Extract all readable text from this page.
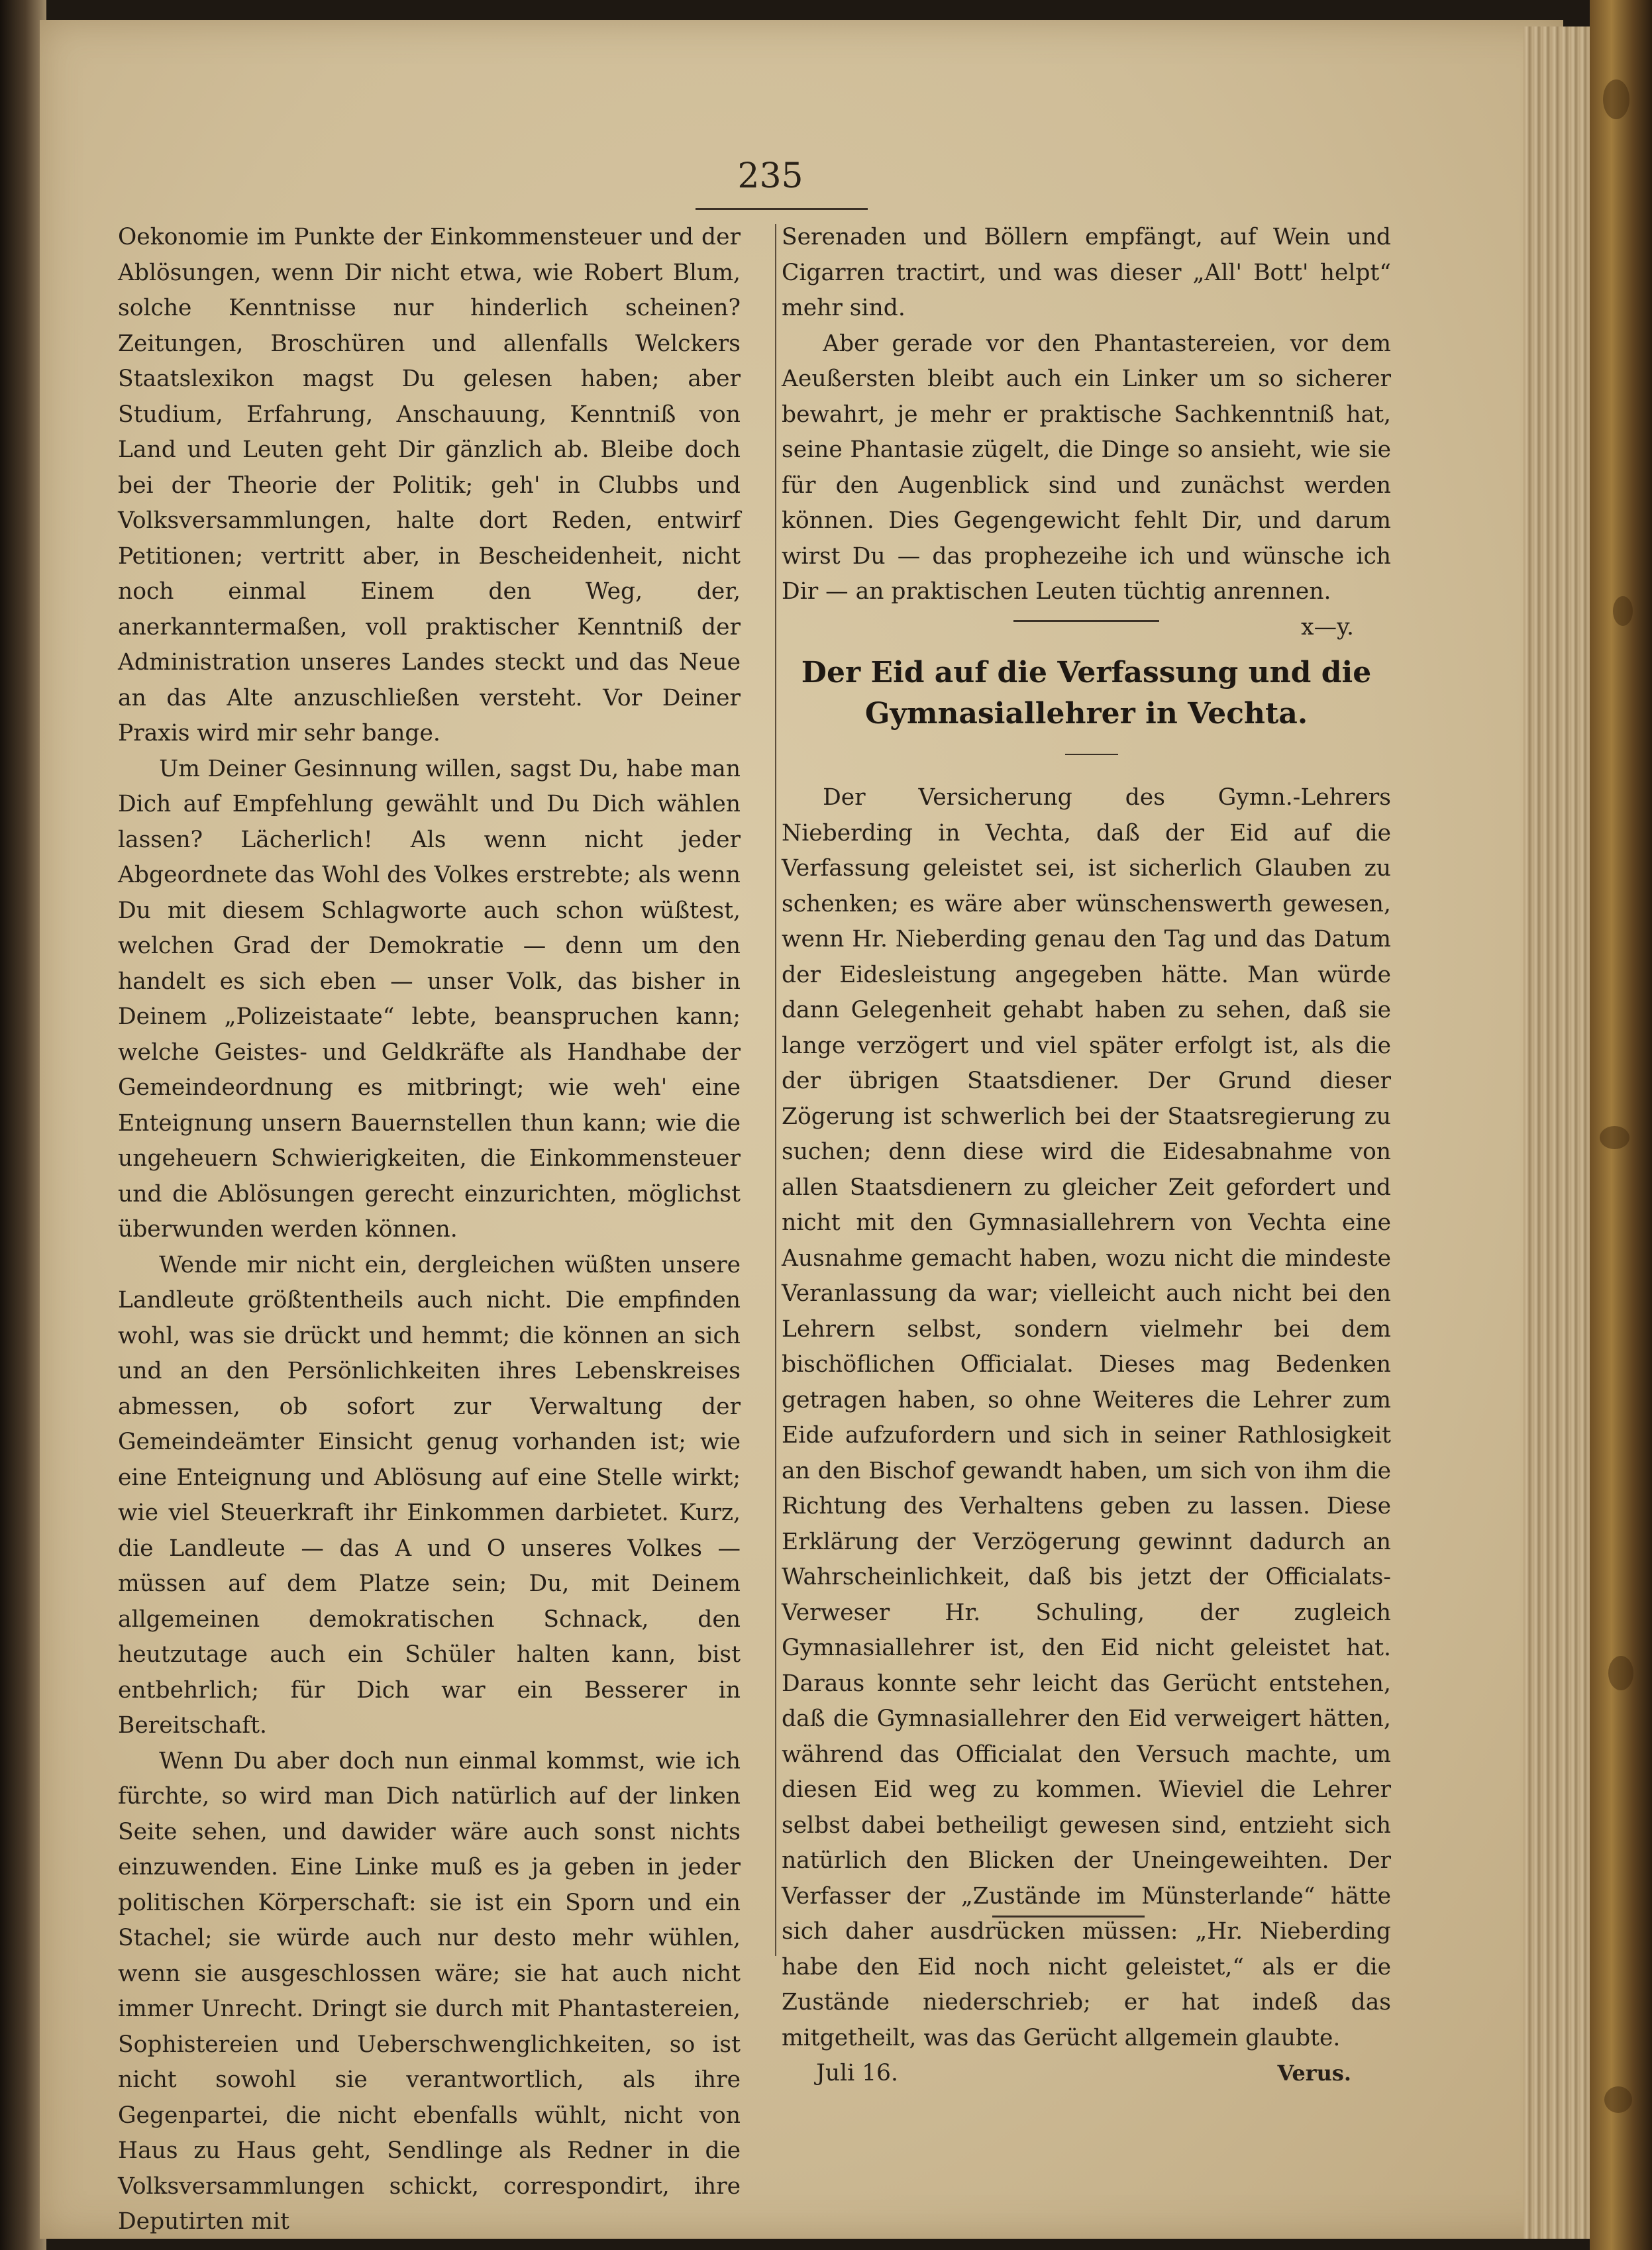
235

Oekonomie im Punkte der Einkommensteuer und der Ablösungen, wenn Dir nicht etwa, wie Robert Blum, solche Kenntnisse nur hinderlich scheinen? Zeitungen, Broschüren und allenfalls Welckers Staatslexikon magst Du gelesen haben; aber Studium, Erfahrung, Anschauung, Kenntniß von Land und Leuten geht Dir gänzlich ab. Bleibe doch bei der Theorie der Politik; geh' in Clubbs und Volksversammlungen, halte dort Reden, entwirf Petitionen; vertritt aber, in Bescheidenheit, nicht noch einmal Einem den Weg, der, anerkanntermaßen, voll praktischer Kenntniß der Administration unseres Landes steckt und das Neue an das Alte anzuschließen versteht. Vor Deiner Praxis wird mir sehr bange.

Um Deiner Gesinnung willen, sagst Du, habe man Dich auf Empfehlung gewählt und Du Dich wählen lassen? Lächerlich! Als wenn nicht jeder Abgeordnete das Wohl des Volkes erstrebte; als wenn Du mit diesem Schlagworte auch schon wüßtest, welchen Grad der Demokratie — denn um den handelt es sich eben — unser Volk, das bisher in Deinem „Polizeistaate“ lebte, beanspruchen kann; welche Geistes- und Geldkräfte als Handhabe der Gemeindeordnung es mitbringt; wie weh' eine Enteignung unsern Bauernstellen thun kann; wie die ungeheuern Schwierigkeiten, die Einkommensteuer und die Ablösungen gerecht einzurichten, möglichst überwunden werden können.

Wende mir nicht ein, dergleichen wüßten unsere Landleute größtentheils auch nicht. Die empfinden wohl, was sie drückt und hemmt; die können an sich und an den Persönlichkeiten ihres Lebenskreises abmessen, ob sofort zur Verwaltung der Gemeindeämter Einsicht genug vorhanden ist; wie eine Enteignung und Ablösung auf eine Stelle wirkt; wie viel Steuerkraft ihr Einkommen darbietet. Kurz, die Landleute — das A und O unseres Volkes — müssen auf dem Platze sein; Du, mit Deinem allgemeinen demokratischen Schnack, den heutzutage auch ein Schüler halten kann, bist entbehrlich; für Dich war ein Besserer in Bereitschaft.

Wenn Du aber doch nun einmal kommst, wie ich fürchte, so wird man Dich natürlich auf der linken Seite sehen, und dawider wäre auch sonst nichts einzuwenden. Eine Linke muß es ja geben in jeder politischen Körperschaft: sie ist ein Sporn und ein Stachel; sie würde auch nur desto mehr wühlen, wenn sie ausgeschlossen wäre; sie hat auch nicht immer Unrecht. Dringt sie durch mit Phantastereien, Sophistereien und Ueberschwenglichkeiten, so ist nicht sowohl sie verantwortlich, als ihre Gegenpartei, die nicht ebenfalls wühlt, nicht von Haus zu Haus geht, Sendlinge als Redner in die Volksversammlungen schickt, correspondirt, ihre Deputirten mit

Serenaden und Böllern empfängt, auf Wein und Cigarren tractirt, und was dieser „All' Bott' helpt“ mehr sind.

Aber gerade vor den Phantastereien, vor dem Aeußersten bleibt auch ein Linker um so sicherer bewahrt, je mehr er praktische Sachkenntniß hat, seine Phantasie zügelt, die Dinge so ansieht, wie sie für den Augenblick sind und zunächst werden können. Dies Gegengewicht fehlt Dir, und darum wirst Du — das prophezeihe ich und wünsche ich Dir — an praktischen Leuten tüchtig anrennen.

x—y.

Der Eid auf die Verfassung und die Gymnasiallehrer in Vechta.

Der Versicherung des Gymn.-Lehrers Nieberding in Vechta, daß der Eid auf die Verfassung geleistet sei, ist sicherlich Glauben zu schenken; es wäre aber wünschenswerth gewesen, wenn Hr. Nieberding genau den Tag und das Datum der Eidesleistung angegeben hätte. Man würde dann Gelegenheit gehabt haben zu sehen, daß sie lange verzögert und viel später erfolgt ist, als die der übrigen Staatsdiener. Der Grund dieser Zögerung ist schwerlich bei der Staatsregierung zu suchen; denn diese wird die Eidesabnahme von allen Staatsdienern zu gleicher Zeit gefordert und nicht mit den Gymnasiallehrern von Vechta eine Ausnahme gemacht haben, wozu nicht die mindeste Veranlassung da war; vielleicht auch nicht bei den Lehrern selbst, sondern vielmehr bei dem bischöflichen Officialat. Dieses mag Bedenken getragen haben, so ohne Weiteres die Lehrer zum Eide aufzufordern und sich in seiner Rathlosigkeit an den Bischof gewandt haben, um sich von ihm die Richtung des Verhaltens geben zu lassen. Diese Erklärung der Verzögerung gewinnt dadurch an Wahrscheinlichkeit, daß bis jetzt der Officialats-Verweser Hr. Schuling, der zugleich Gymnasiallehrer ist, den Eid nicht geleistet hat. Daraus konnte sehr leicht das Gerücht entstehen, daß die Gymnasiallehrer den Eid verweigert hätten, während das Officialat den Versuch machte, um diesen Eid weg zu kommen. Wieviel die Lehrer selbst dabei betheiligt gewesen sind, entzieht sich natürlich den Blicken der Uneingeweihten. Der Verfasser der „Zustände im Münsterlande“ hätte sich daher ausdrücken müssen: „Hr. Nieberding habe den Eid noch nicht geleistet,“ als er die Zustände niederschrieb; er hat indeß das mitgetheilt, was das Gerücht allgemein glaubte.

Juli 16.	Verus.
